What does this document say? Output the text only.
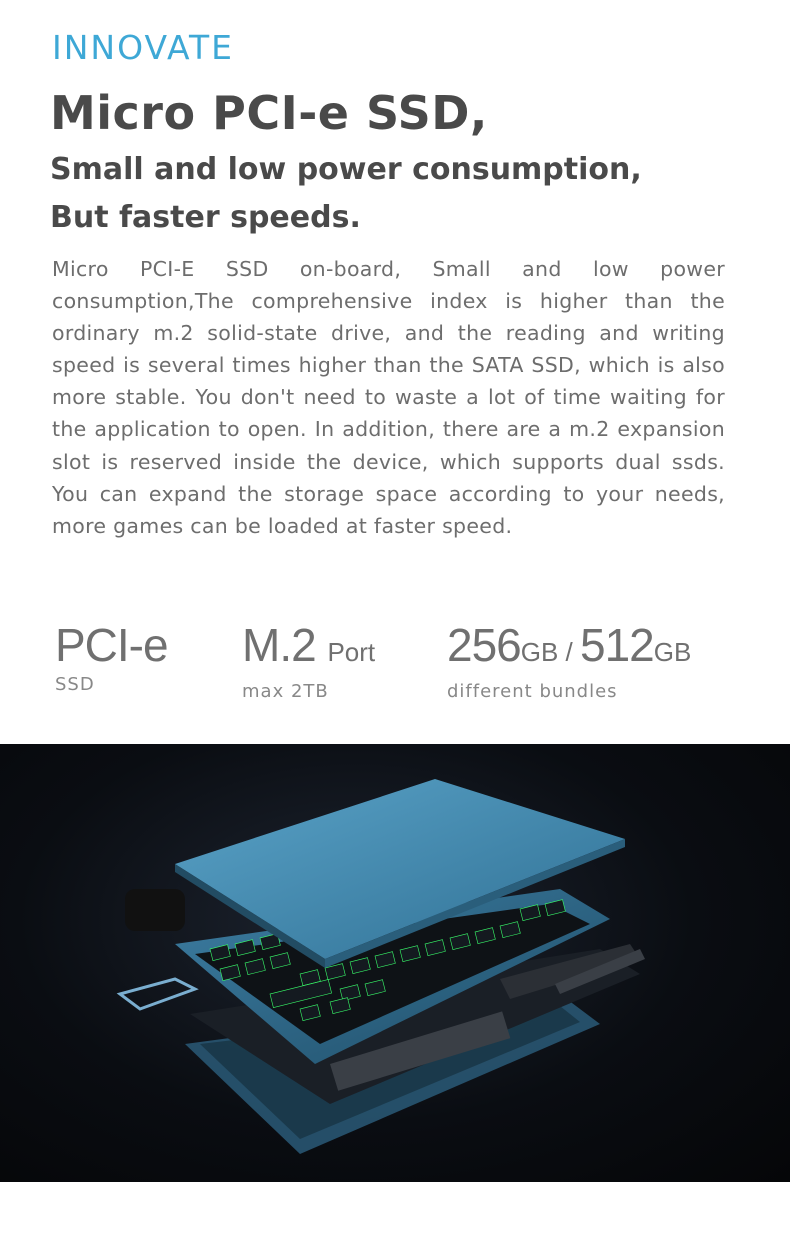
INNOVATE
Micro PCI-e SSD,
Small and low power consumption,
But faster speeds.
Micro PCI-E SSD on-board, Small and low power consumption,The comprehensive index is higher than the ordinary m.2 solid-state drive, and the reading and writing speed is several times higher than the SATA SSD, which is also more stable. You don't need to waste a lot of time waiting for the application to open. In addition, there are a m.2 expansion slot is reserved inside the device, which supports dual ssds. You can expand the storage space according to your needs, more games can be loaded at faster speed.
PCI-e
SSD
M.2 Port
max 2TB
256GB / 512GB
different bundles
